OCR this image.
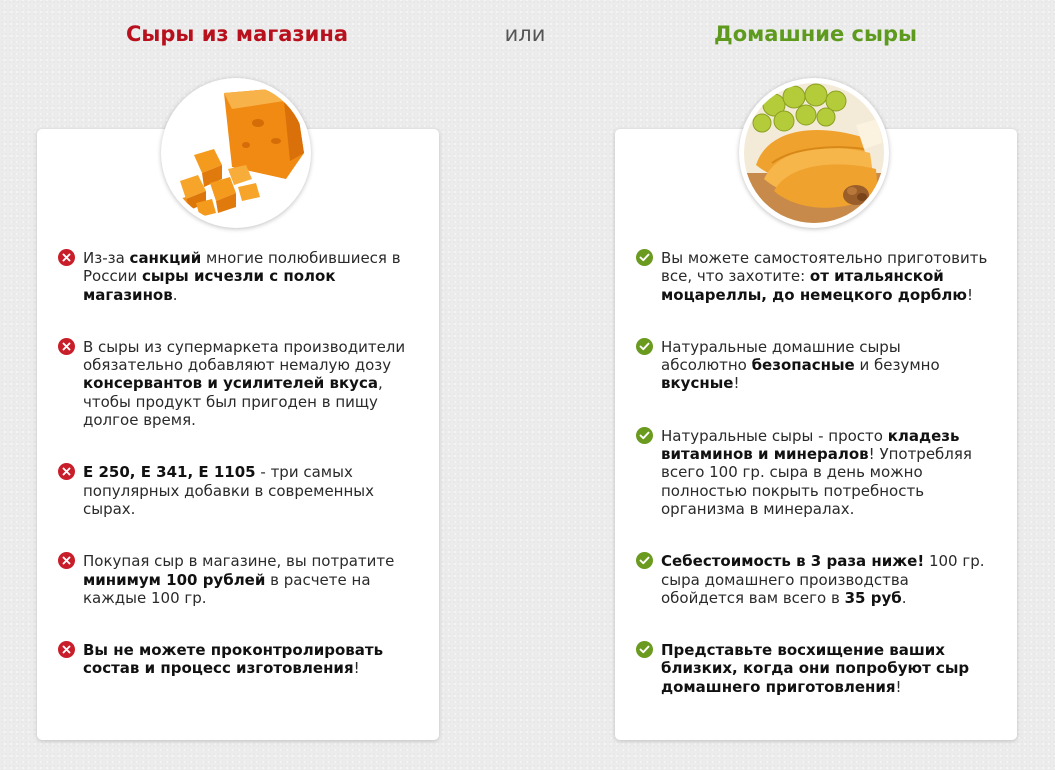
Сыры из магазина	или	Домашние сыры
Из-за санкций многие полюбившиеся в
России сыры исчезли с полок
магазинов.
В сыры из супермаркета производители
обязательно добавляют немалую дозу
консервантов и усилителей вкуса,
чтобы продукт был пригоден в пищу
долгое время.
Е 250, Е 341, Е 1105 - три самых
популярных добавки в современных
сырах.
Покупая сыр в магазине, вы потратите
минимум 100 рублей в расчете на
каждые 100 гр.
Вы не можете проконтролировать
состав и процесс изготовления!
Вы можете самостоятельно приготовить
все, что захотите: от итальянской
моцареллы, до немецкого дорблю!
Натуральные домашние сыры
абсолютно безопасные и безумно
вкусные!
Натуральные сыры - просто кладезь
витаминов и минералов! Употребляя
всего 100 гр. сыра в день можно
полностью покрыть потребность
организма в минералах.
Себестоимость в 3 раза ниже! 100 гр.
сыра домашнего производства
обойдется вам всего в 35 руб.
Представьте восхищение ваших
близких, когда они попробуют сыр
домашнего приготовления!
